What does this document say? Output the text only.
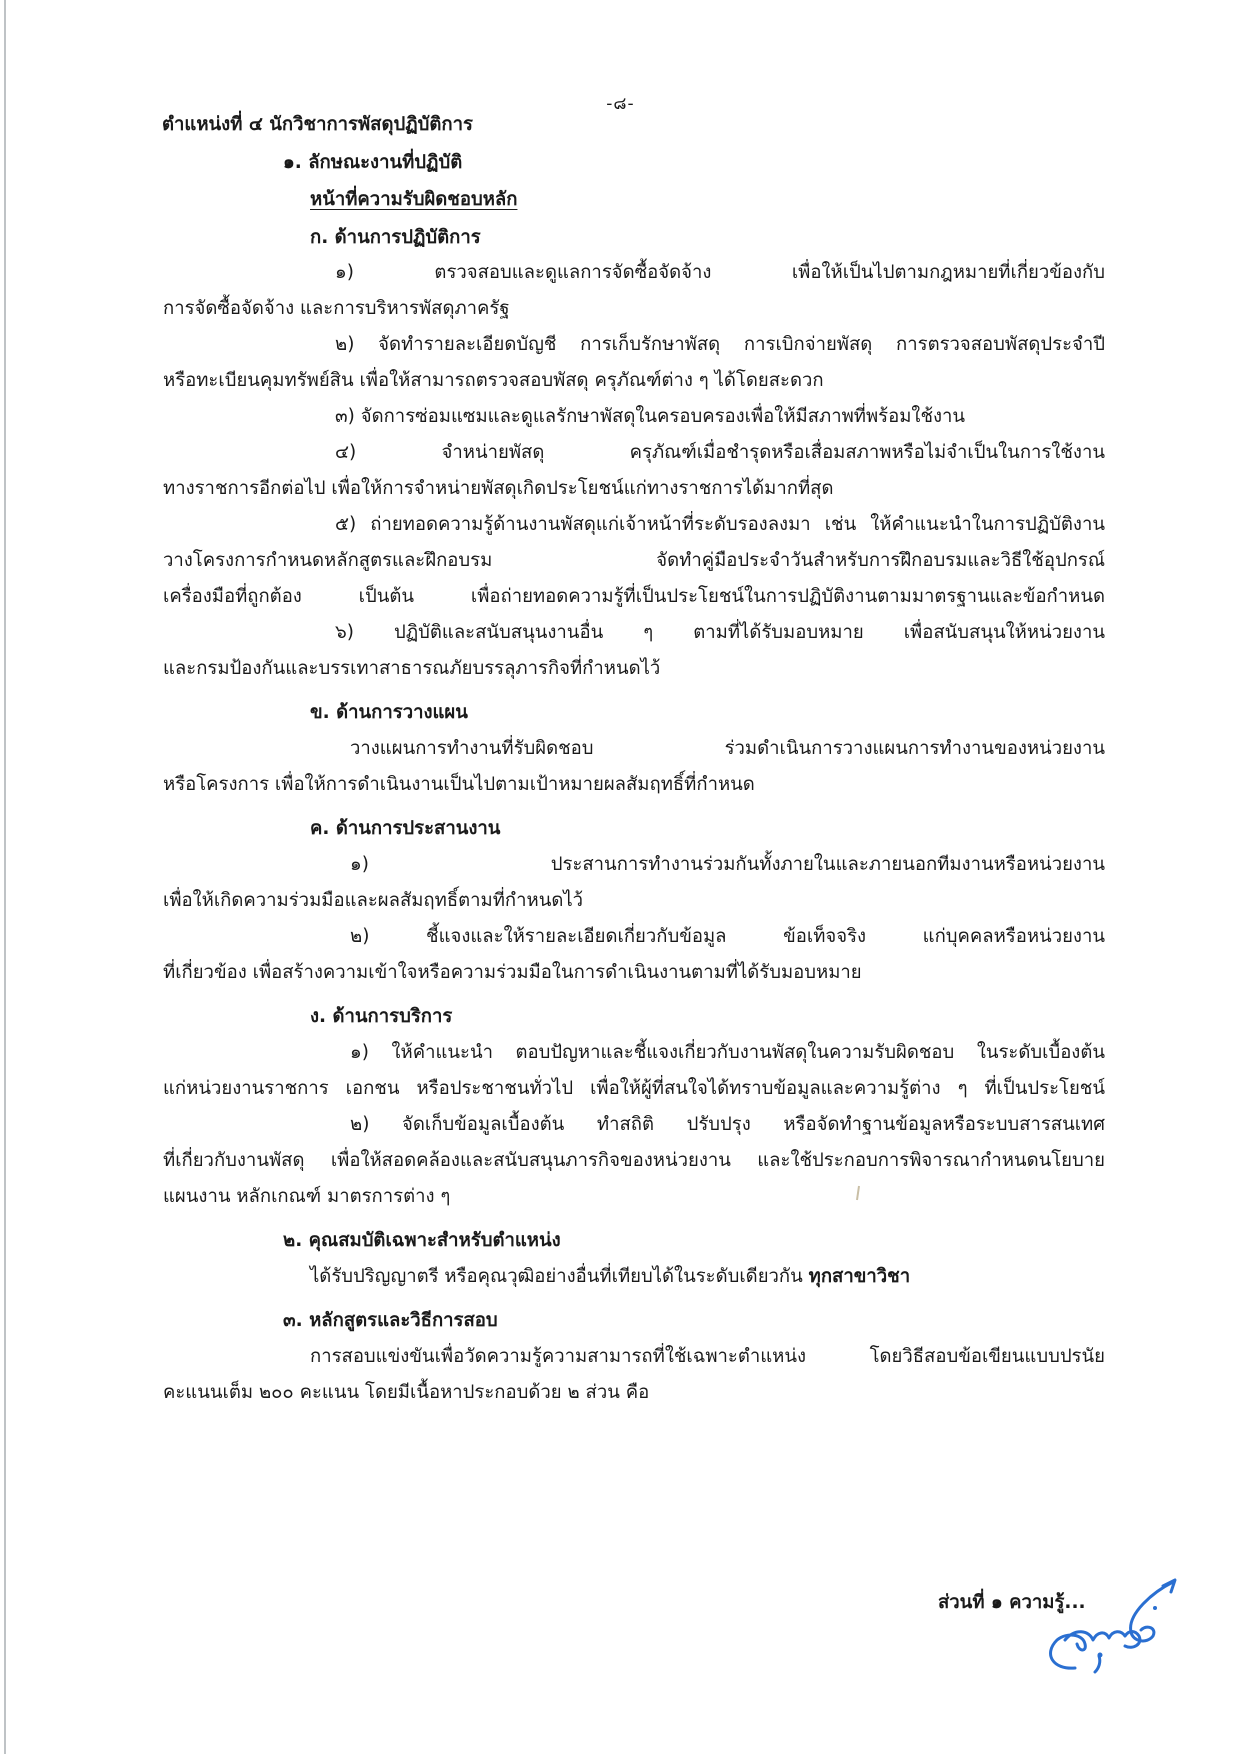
-๘-
ตำแหน่งที่ ๔ นักวิชาการพัสดุปฏิบัติการ
๑. ลักษณะงานที่ปฏิบัติ
หน้าที่ความรับผิดชอบหลัก
ก. ด้านการปฏิบัติการ
๑) ตรวจสอบและดูแลการจัดซื้อจัดจ้าง เพื่อให้เป็นไปตามกฎหมายที่เกี่ยวข้องกับ
การจัดซื้อจัดจ้าง และการบริหารพัสดุภาครัฐ
๒) จัดทำรายละเอียดบัญชี การเก็บรักษาพัสดุ การเบิกจ่ายพัสดุ การตรวจสอบพัสดุประจำปี
หรือทะเบียนคุมทรัพย์สิน เพื่อให้สามารถตรวจสอบพัสดุ ครุภัณฑ์ต่าง ๆ ได้โดยสะดวก
๓) จัดการซ่อมแซมและดูแลรักษาพัสดุในครอบครองเพื่อให้มีสภาพที่พร้อมใช้งาน
๔) จำหน่ายพัสดุ ครุภัณฑ์เมื่อชำรุดหรือเสื่อมสภาพหรือไม่จำเป็นในการใช้งาน
ทางราชการอีกต่อไป เพื่อให้การจำหน่ายพัสดุเกิดประโยชน์แก่ทางราชการได้มากที่สุด
๕) ถ่ายทอดความรู้ด้านงานพัสดุแก่เจ้าหน้าที่ระดับรองลงมา เช่น ให้คำแนะนำในการปฏิบัติงาน
วางโครงการกำหนดหลักสูตรและฝึกอบรม จัดทำคู่มือประจำวันสำหรับการฝึกอบรมและวิธีใช้อุปกรณ์
เครื่องมือที่ถูกต้อง เป็นต้น เพื่อถ่ายทอดความรู้ที่เป็นประโยชน์ในการปฏิบัติงานตามมาตรฐานและข้อกำหนด
๖) ปฏิบัติและสนับสนุนงานอื่น ๆ ตามที่ได้รับมอบหมาย เพื่อสนับสนุนให้หน่วยงาน
และกรมป้องกันและบรรเทาสาธารณภัยบรรลุภารกิจที่กำหนดไว้
ข. ด้านการวางแผน
วางแผนการทำงานที่รับผิดชอบ ร่วมดำเนินการวางแผนการทำงานของหน่วยงาน
หรือโครงการ เพื่อให้การดำเนินงานเป็นไปตามเป้าหมายผลสัมฤทธิ์ที่กำหนด
ค. ด้านการประสานงาน
๑) ประสานการทำงานร่วมกันทั้งภายในและภายนอกทีมงานหรือหน่วยงาน
เพื่อให้เกิดความร่วมมือและผลสัมฤทธิ์ตามที่กำหนดไว้
๒) ชี้แจงและให้รายละเอียดเกี่ยวกับข้อมูล ข้อเท็จจริง แก่บุคคลหรือหน่วยงาน
ที่เกี่ยวข้อง เพื่อสร้างความเข้าใจหรือความร่วมมือในการดำเนินงานตามที่ได้รับมอบหมาย
ง. ด้านการบริการ
๑) ให้คำแนะนำ ตอบปัญหาและชี้แจงเกี่ยวกับงานพัสดุในความรับผิดชอบ ในระดับเบื้องต้น
แก่หน่วยงานราชการ เอกชน หรือประชาชนทั่วไป เพื่อให้ผู้ที่สนใจได้ทราบข้อมูลและความรู้ต่าง ๆ ที่เป็นประโยชน์
๒) จัดเก็บข้อมูลเบื้องต้น ทำสถิติ ปรับปรุง หรือจัดทำฐานข้อมูลหรือระบบสารสนเทศ
ที่เกี่ยวกับงานพัสดุ เพื่อให้สอดคล้องและสนับสนุนภารกิจของหน่วยงาน และใช้ประกอบการพิจารณากำหนดนโยบาย
แผนงาน หลักเกณฑ์ มาตรการต่าง ๆ
๒. คุณสมบัติเฉพาะสำหรับตำแหน่ง
ได้รับปริญญาตรี หรือคุณวุฒิอย่างอื่นที่เทียบได้ในระดับเดียวกัน ทุกสาขาวิชา
๓. หลักสูตรและวิธีการสอบ
การสอบแข่งขันเพื่อวัดความรู้ความสามารถที่ใช้เฉพาะตำแหน่ง โดยวิธีสอบข้อเขียนแบบปรนัย
คะแนนเต็ม ๒๐๐ คะแนน โดยมีเนื้อหาประกอบด้วย ๒ ส่วน คือ
ส่วนที่ ๑ ความรู้...
